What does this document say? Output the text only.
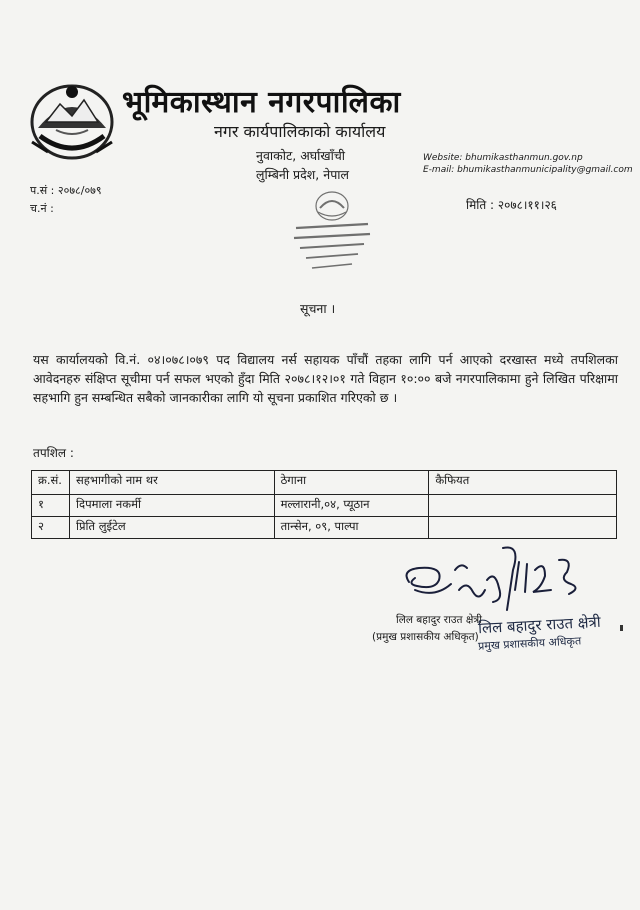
भूमिकास्थान नगरपालिका
नगर कार्यपालिकाको कार्यालय
नुवाकोट, अर्घाखाँची
लुम्बिनी प्रदेश, नेपाल
Website: bhumikasthanmun.gov.np
E-mail: bhumikasthanmunicipality@gmail.com
प.सं : २०७८/०७९
च.नं :	मिति : २०७८।११।२६
सूचना ।
यस कार्यालयको वि.नं. ०४।०७८।०७९ पद विद्यालय नर्स सहायक पाँचौं तहका लागि पर्न आएको दरखास्त मध्ये तपशिलका आवेदनहरु संक्षिप्त सूचीमा पर्न सफल भएको हुँदा मिति २०७८।१२।०१ गते विहान १०:०० बजे नगरपालिकामा हुने लिखित परिक्षामा सहभागि हुन सम्बन्धित सबैको जानकारीका लागि यो सूचना प्रकाशित गरिएको छ ।
तपशिल :
क्र.सं.	सहभागीको नाम थर	ठेगाना	कैफियत
१	दिपमाला नकर्मी	मल्लारानी,०४, प्यूठान	
२	प्रिति लुईटेल	तान्सेन, ०९, पाल्पा	
लिल बहादुर राउत क्षेत्री
(प्रमुख प्रशासकीय अधिकृत)
लिल बहादुर राउत क्षेत्री
प्रमुख प्रशासकीय अधिकृत
